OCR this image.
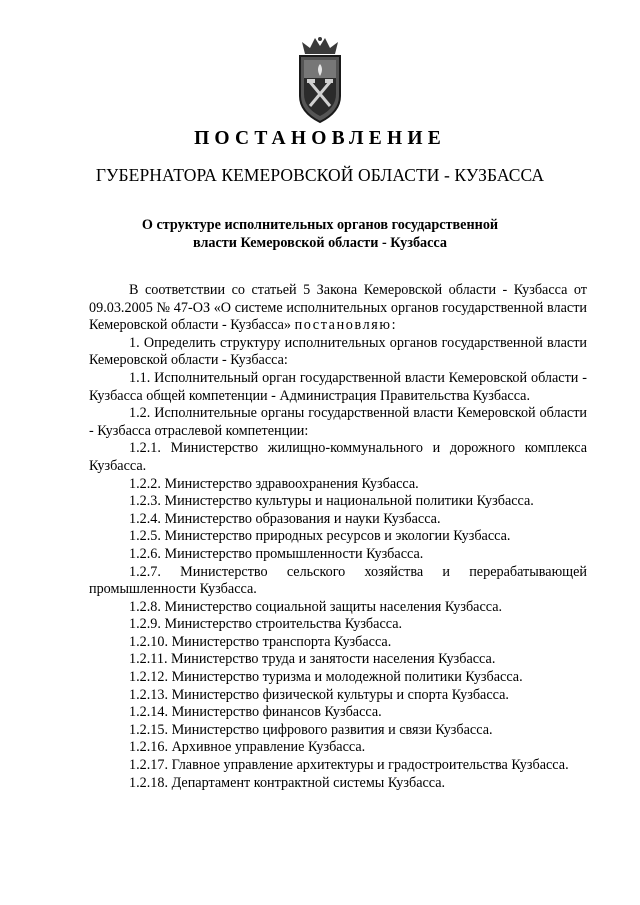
ПОСТАНОВЛЕНИЕ
ГУБЕРНАТОРА КЕМЕРОВСКОЙ ОБЛАСТИ - КУЗБАССА
О структуре исполнительных органов государственной
власти Кемеровской области - Кузбасса

В соответствии со статьей 5 Закона Кемеровской области - Кузбасса от 09.03.2005 № 47-ОЗ «О системе исполнительных органов государственной власти Кемеровской области - Кузбасса» постановляю:

1. Определить структуру исполнительных органов государственной власти Кемеровской области - Кузбасса:

1.1. Исполнительный орган государственной власти Кемеровской области - Кузбасса общей компетенции - Администрация Правительства Кузбасса.

1.2. Исполнительные органы государственной власти Кемеровской области - Кузбасса отраслевой компетенции:

1.2.1. Министерство жилищно-коммунального и дорожного комплекса Кузбасса.

1.2.2. Министерство здравоохранения Кузбасса.

1.2.3. Министерство культуры и национальной политики Кузбасса.

1.2.4. Министерство образования и науки Кузбасса.

1.2.5. Министерство природных ресурсов и экологии Кузбасса.

1.2.6. Министерство промышленности Кузбасса.

1.2.7. Министерство сельского хозяйства и перерабатывающей промышленности Кузбасса.

1.2.8. Министерство социальной защиты населения Кузбасса.

1.2.9. Министерство строительства Кузбасса.

1.2.10. Министерство транспорта Кузбасса.

1.2.11. Министерство труда и занятости населения Кузбасса.

1.2.12. Министерство туризма и молодежной политики Кузбасса.

1.2.13. Министерство физической культуры и спорта Кузбасса.

1.2.14. Министерство финансов Кузбасса.

1.2.15. Министерство цифрового развития и связи Кузбасса.

1.2.16. Архивное управление Кузбасса.

1.2.17. Главное управление архитектуры и градостроительства Кузбасса.

1.2.18. Департамент контрактной системы Кузбасса.
